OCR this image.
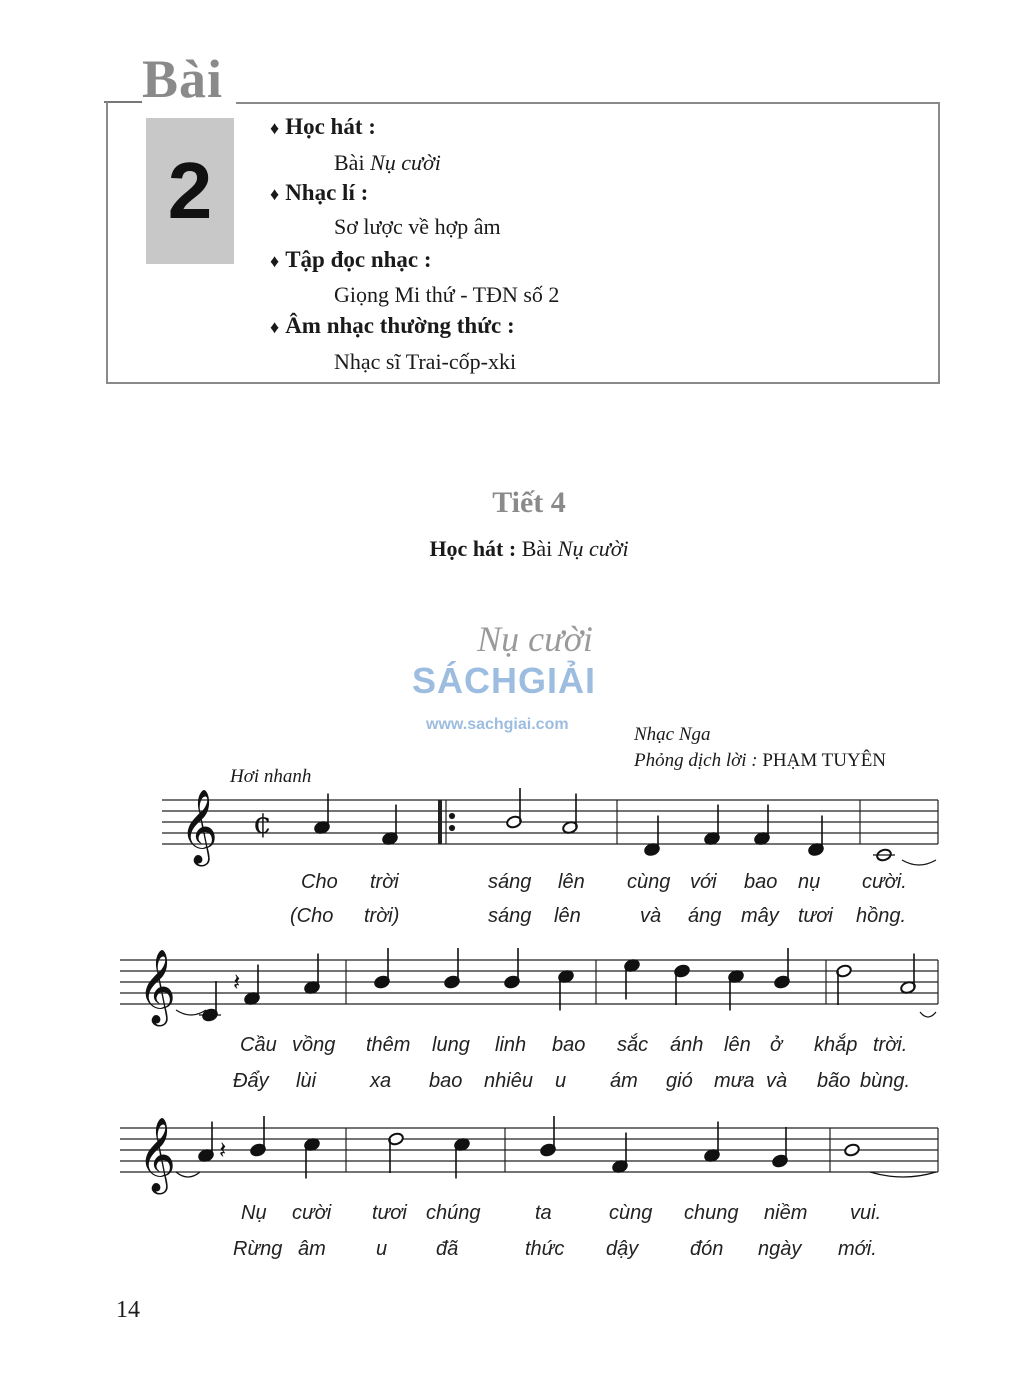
Bài
2
♦ Học hát :
Bài Nụ cười
♦ Nhạc lí :
Sơ lược về hợp âm
♦ Tập đọc nhạc :
Giọng Mi thứ - TĐN số 2
♦ Âm nhạc thường thức :
Nhạc sĩ Trai-cốp-xki
Tiết 4
Học hát : Bài Nụ cười
Nụ cười
SÁCHGIẢI
www.sachgiai.com	Nhạc Nga
Phỏng dịch lời : PHẠM TUYÊN
Hơi nhanh
𝄞
𝄞
𝄞
¢
𝄽
𝄽
Cho trời	sáng lên cùng với bao nụ cười.
(Cho trời)	sáng lên	và áng mây tươi hồng.
Cầu vồng thêm lung linh bao sắc ánh lên ở khắp trời.
Đẩy lùi	xa bao nhiêu u ám gió mưa và bão bùng.
Nụ cười tươi chúng	ta	cùng chung niềm vui.
Rừng âm	u đã	thức dậy	đón ngày mới.
14
